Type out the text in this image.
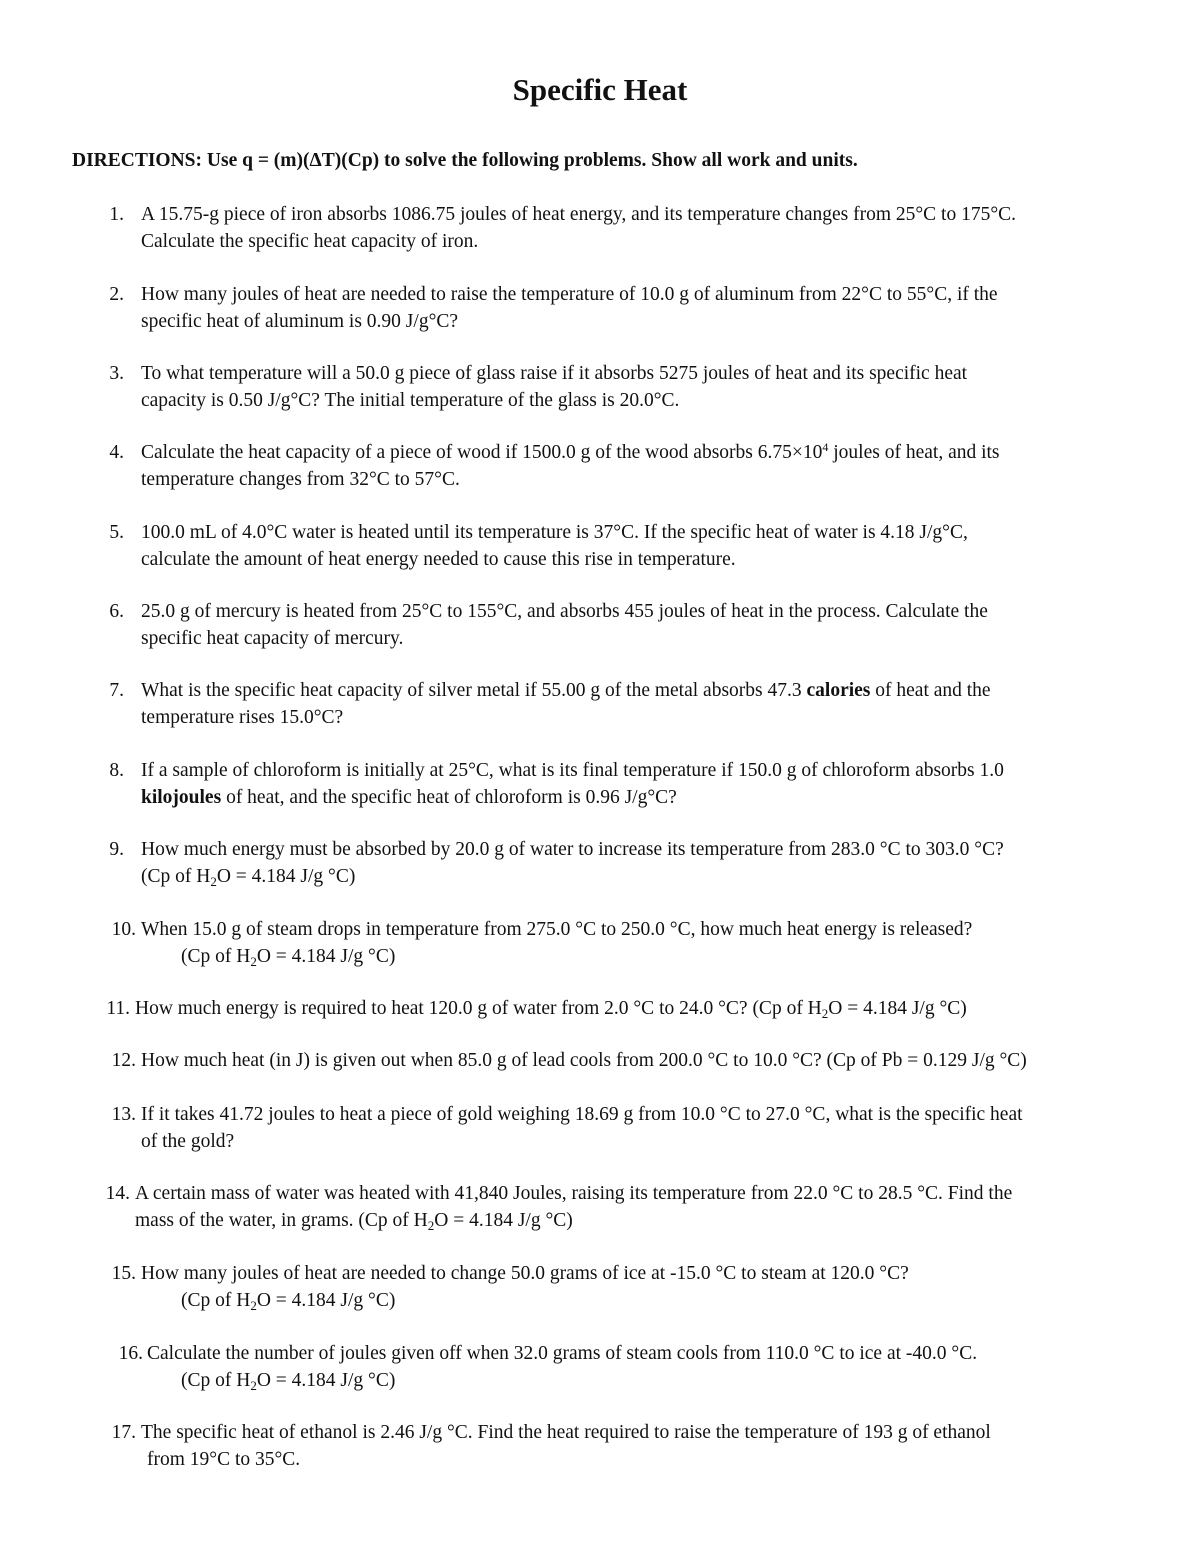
Specific Heat

DIRECTIONS: Use q = (m)(ΔT)(Cp) to solve the following problems. Show all work and units.

1. A 15.75-g piece of iron absorbs 1086.75 joules of heat energy, and its temperature changes from 25°C to 175°C.
Calculate the specific heat capacity of iron.
2. How many joules of heat are needed to raise the temperature of 10.0 g of aluminum from 22°C to 55°C, if the
specific heat of aluminum is 0.90 J/g°C?
3. To what temperature will a 50.0 g piece of glass raise if it absorbs 5275 joules of heat and its specific heat
capacity is 0.50 J/g°C? The initial temperature of the glass is 20.0°C.
4. Calculate the heat capacity of a piece of wood if 1500.0 g of the wood absorbs $6.75\times 10^4$ joules of heat, and its
temperature changes from 32°C to 57°C.
5. 100.0 mL of 4.0°C water is heated until its temperature is 37°C. If the specific heat of water is 4.18 J/g°C,
calculate the amount of heat energy needed to cause this rise in temperature.
6. 25.0 g of mercury is heated from 25°C to 155°C, and absorbs 455 joules of heat in the process. Calculate the
specific heat capacity of mercury.
7. What is the specific heat capacity of silver metal if 55.00 g of the metal absorbs 47.3 calories of heat and the
temperature rises 15.0°C?
8. If a sample of chloroform is initially at 25°C, what is its final temperature if 150.0 g of chloroform absorbs 1.0
kilojoules of heat, and the specific heat of chloroform is 0.96 J/g°C?
9. How much energy must be absorbed by 20.0 g of water to increase its temperature from 283.0 °C to 303.0 °C?
(Cp of $H_2O = 4.184$ J/g °C)
10. When 15.0 g of steam drops in temperature from 275.0 °C to 250.0 °C, how much heat energy is released?
(Cp of $H_2O = 4.184$ J/g °C)
11. How much energy is required to heat 120.0 g of water from 2.0 °C to 24.0 °C? (Cp of $H_2O = 4.184$ J/g °C)
12. How much heat (in J) is given out when 85.0 g of lead cools from 200.0 °C to 10.0 °C? (Cp of Pb = 0.129 J/g °C)
13. If it takes 41.72 joules to heat a piece of gold weighing 18.69 g from 10.0 °C to 27.0 °C, what is the specific heat
of the gold?
14. A certain mass of water was heated with 41,840 Joules, raising its temperature from 22.0 °C to 28.5 °C. Find the
mass of the water, in grams. (Cp of $H_2O = 4.184$ J/g °C)
15. How many joules of heat are needed to change 50.0 grams of ice at -15.0 °C to steam at 120.0 °C?
(Cp of $H_2O = 4.184$ J/g °C)
16. Calculate the number of joules given off when 32.0 grams of steam cools from 110.0 °C to ice at -40.0 °C.
(Cp of $H_2O = 4.184$ J/g °C)
17. The specific heat of ethanol is 2.46 J/g °C. Find the heat required to raise the temperature of 193 g of ethanol
from 19°C to 35°C.
